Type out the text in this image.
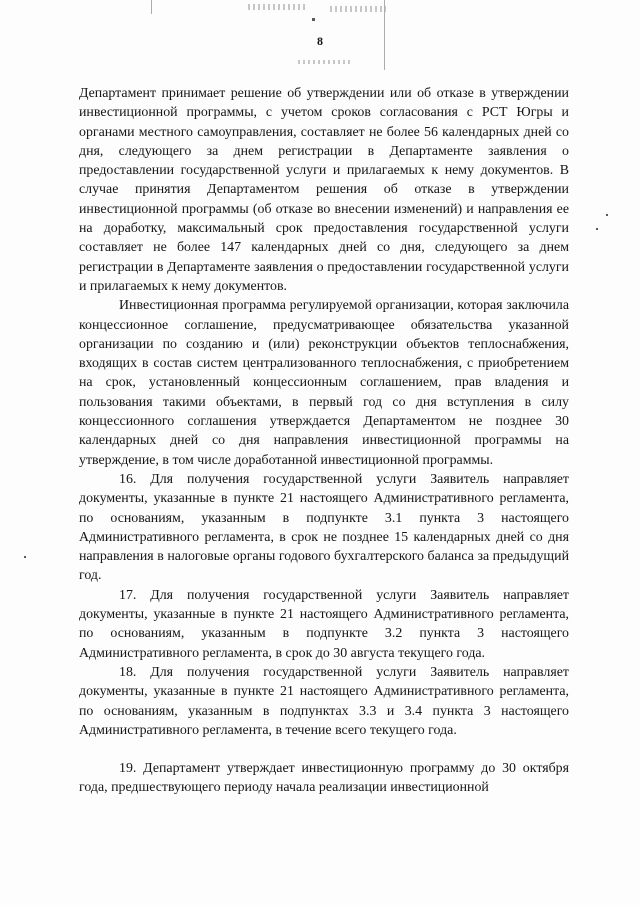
8

Департамент принимает решение об утверждении или об отказе в утверждении инвестиционной программы, с учетом сроков согласования с РСТ Югры и органами местного самоуправления, составляет не более 56 календарных дней со дня, следующего за днем регистрации в Департаменте заявления о предоставлении государственной услуги и прилагаемых к нему документов. В случае принятия Департаментом решения об отказе в утверждении инвестиционной программы (об отказе во внесении изменений) и направления ее на доработку, максимальный срок предоставления государственной услуги составляет не более 147 календарных дней со дня, следующего за днем регистрации в Департаменте заявления о предоставлении государственной услуги и прилагаемых к нему документов.

Инвестиционная программа регулируемой организации, которая заключила концессионное соглашение, предусматривающее обязательства указанной организации по созданию и (или) реконструкции объектов теплоснабжения, входящих в состав систем централизованного теплоснабжения, с приобретением на срок, установленный концессионным соглашением, прав владения и пользования такими объектами, в первый год со дня вступления в силу концессионного соглашения утверждается Департаментом не позднее 30 календарных дней со дня направления инвестиционной программы на утверждение, в том числе доработанной инвестиционной программы.

16. Для получения государственной услуги Заявитель направляет документы, указанные в пункте 21 настоящего Административного регламента, по основаниям, указанным в подпункте 3.1 пункта 3 настоящего Административного регламента, в срок не позднее 15 календарных дней со дня направления в налоговые органы годового бухгалтерского баланса за предыдущий год.

17. Для получения государственной услуги Заявитель направляет документы, указанные в пункте 21 настоящего Административного регламента, по основаниям, указанным в подпункте 3.2 пункта 3 настоящего Административного регламента, в срок до 30 августа текущего года.

18. Для получения государственной услуги Заявитель направляет документы, указанные в пункте 21 настоящего Административного регламента, по основаниям, указанным в подпунктах 3.3 и 3.4 пункта 3 настоящего Административного регламента, в течение всего текущего года.

19. Департамент утверждает инвестиционную программу до 30 октября года, предшествующего периоду начала реализации инвестиционной
